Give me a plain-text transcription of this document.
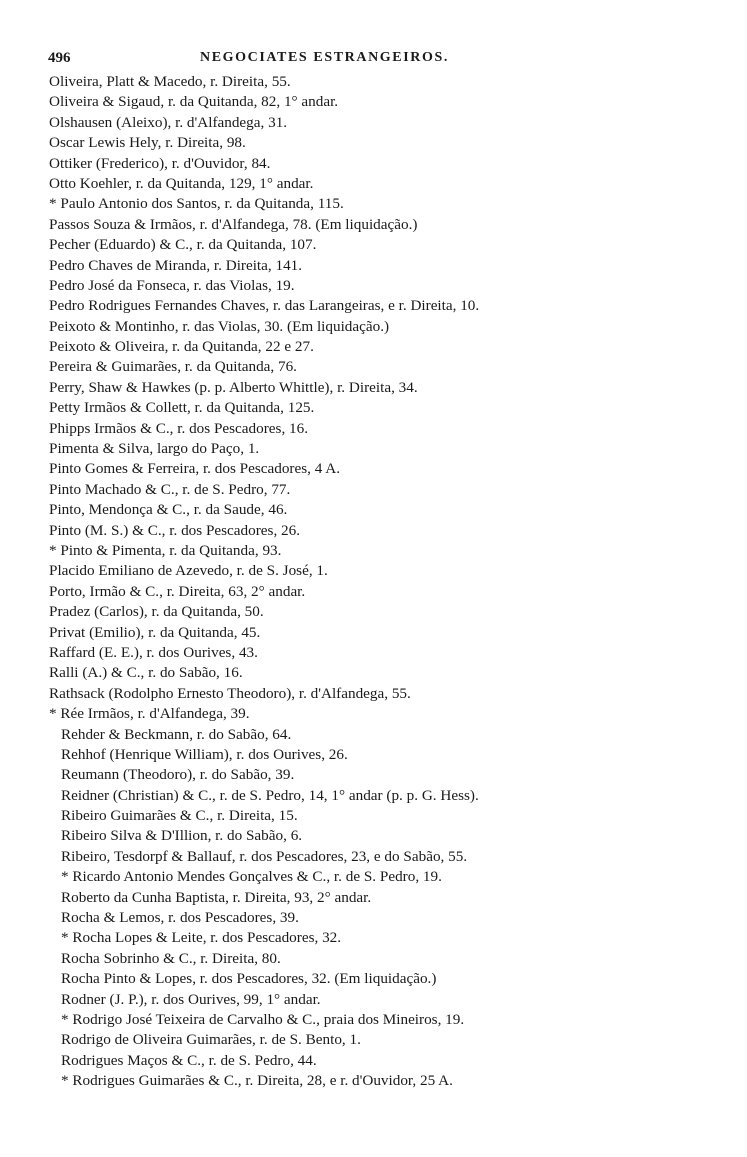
496	NEGOCIATES ESTRANGEIROS.
Oliveira, Platt & Macedo, r. Direita, 55.
Oliveira & Sigaud, r. da Quitanda, 82, 1° andar.
Olshausen (Aleixo), r. d'Alfandega, 31.
Oscar Lewis Hely, r. Direita, 98.
Ottiker (Frederico), r. d'Ouvidor, 84.
Otto Koehler, r. da Quitanda, 129, 1° andar.
* Paulo Antonio dos Santos, r. da Quitanda, 115.
Passos Souza & Irmãos, r. d'Alfandega, 78. (Em liquidação.)
Pecher (Eduardo) & C., r. da Quitanda, 107.
Pedro Chaves de Miranda, r. Direita, 141.
Pedro José da Fonseca, r. das Violas, 19.
Pedro Rodrigues Fernandes Chaves, r. das Larangeiras, e r. Direita, 10.
Peixoto & Montinho, r. das Violas, 30. (Em liquidação.)
Peixoto & Oliveira, r. da Quitanda, 22 e 27.
Pereira & Guimarães, r. da Quitanda, 76.
Perry, Shaw & Hawkes (p. p. Alberto Whittle), r. Direita, 34.
Petty Irmãos & Collett, r. da Quitanda, 125.
Phipps Irmãos & C., r. dos Pescadores, 16.
Pimenta & Silva, largo do Paço, 1.
Pinto Gomes & Ferreira, r. dos Pescadores, 4 A.
Pinto Machado & C., r. de S. Pedro, 77.
Pinto, Mendonça & C., r. da Saude, 46.
Pinto (M. S.) & C., r. dos Pescadores, 26.
* Pinto & Pimenta, r. da Quitanda, 93.
Placido Emiliano de Azevedo, r. de S. José, 1.
Porto, Irmão & C., r. Direita, 63, 2° andar.
Pradez (Carlos), r. da Quitanda, 50.
Privat (Emilio), r. da Quitanda, 45.
Raffard (E. E.), r. dos Ourives, 43.
Ralli (A.) & C., r. do Sabão, 16.
Rathsack (Rodolpho Ernesto Theodoro), r. d'Alfandega, 55.
* Rée Irmãos, r. d'Alfandega, 39.
Rehder & Beckmann, r. do Sabão, 64.
Rehhof (Henrique William), r. dos Ourives, 26.
Reumann (Theodoro), r. do Sabão, 39.
Reidner (Christian) & C., r. de S. Pedro, 14, 1° andar (p. p. G. Hess).
Ribeiro Guimarães & C., r. Direita, 15.
Ribeiro Silva & D'Illion, r. do Sabão, 6.
Ribeiro, Tesdorpf & Ballauf, r. dos Pescadores, 23, e do Sabão, 55.
* Ricardo Antonio Mendes Gonçalves & C., r. de S. Pedro, 19.
Roberto da Cunha Baptista, r. Direita, 93, 2° andar.
Rocha & Lemos, r. dos Pescadores, 39.
* Rocha Lopes & Leite, r. dos Pescadores, 32.
Rocha Sobrinho & C., r. Direita, 80.
Rocha Pinto & Lopes, r. dos Pescadores, 32. (Em liquidação.)
Rodner (J. P.), r. dos Ourives, 99, 1° andar.
* Rodrigo José Teixeira de Carvalho & C., praia dos Mineiros, 19.
Rodrigo de Oliveira Guimarães, r. de S. Bento, 1.
Rodrigues Maços & C., r. de S. Pedro, 44.
* Rodrigues Guimarães & C., r. Direita, 28, e r. d'Ouvidor, 25 A.
